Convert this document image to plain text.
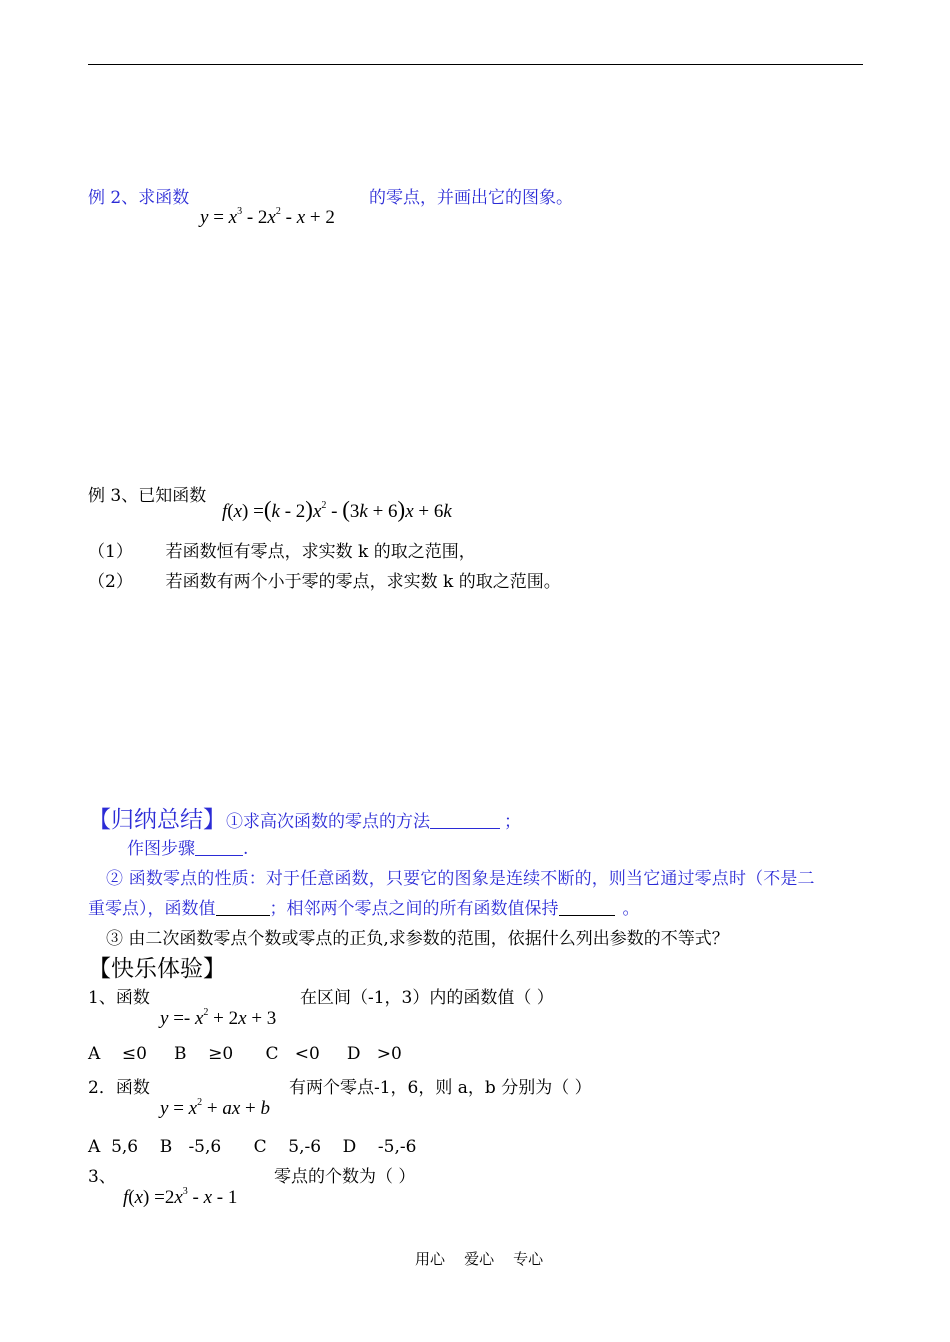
例 2、求函数
$y = x^3 - 2x^2 - x + 2$
的零点，并画出它的图象。
例 3、已知函数
$f(x) =(k - 2)x^2 - (3k + 6)x + 6k$
（1） 若函数恒有零点，求实数 k 的取之范围，
（2） 若函数有两个小于零的零点，求实数 k 的取之范围。
【归纳总结】①求高次函数的零点的方法	；
作图步骤	.
② 函数零点的性质：对于任意函数，只要它的图象是连续不断的，则当它通过零点时（不是二
重零点），函数值	；相邻两个零点之间的所有函数值保持	。
③ 由二次函数零点个数或零点的正负,求参数的范围，依据什么列出参数的不等式？
【快乐体验】
1、函数
$y =- x^2 + 2x + 3$
在区间（-1，3）内的函数值（ ）
A    ≤0     B    ≥0      C   <0     D   >0
2．函数
$y = x^2$ + ax + b
有两个零点-1，6，则 a，b 分别为（ ）
A  5,6    B   -5,6      C    5,-6    D    -5,-6
3、
$f(x) =2x^3 - x - 1$
零点的个数为（ ）
用心    爱心    专心
